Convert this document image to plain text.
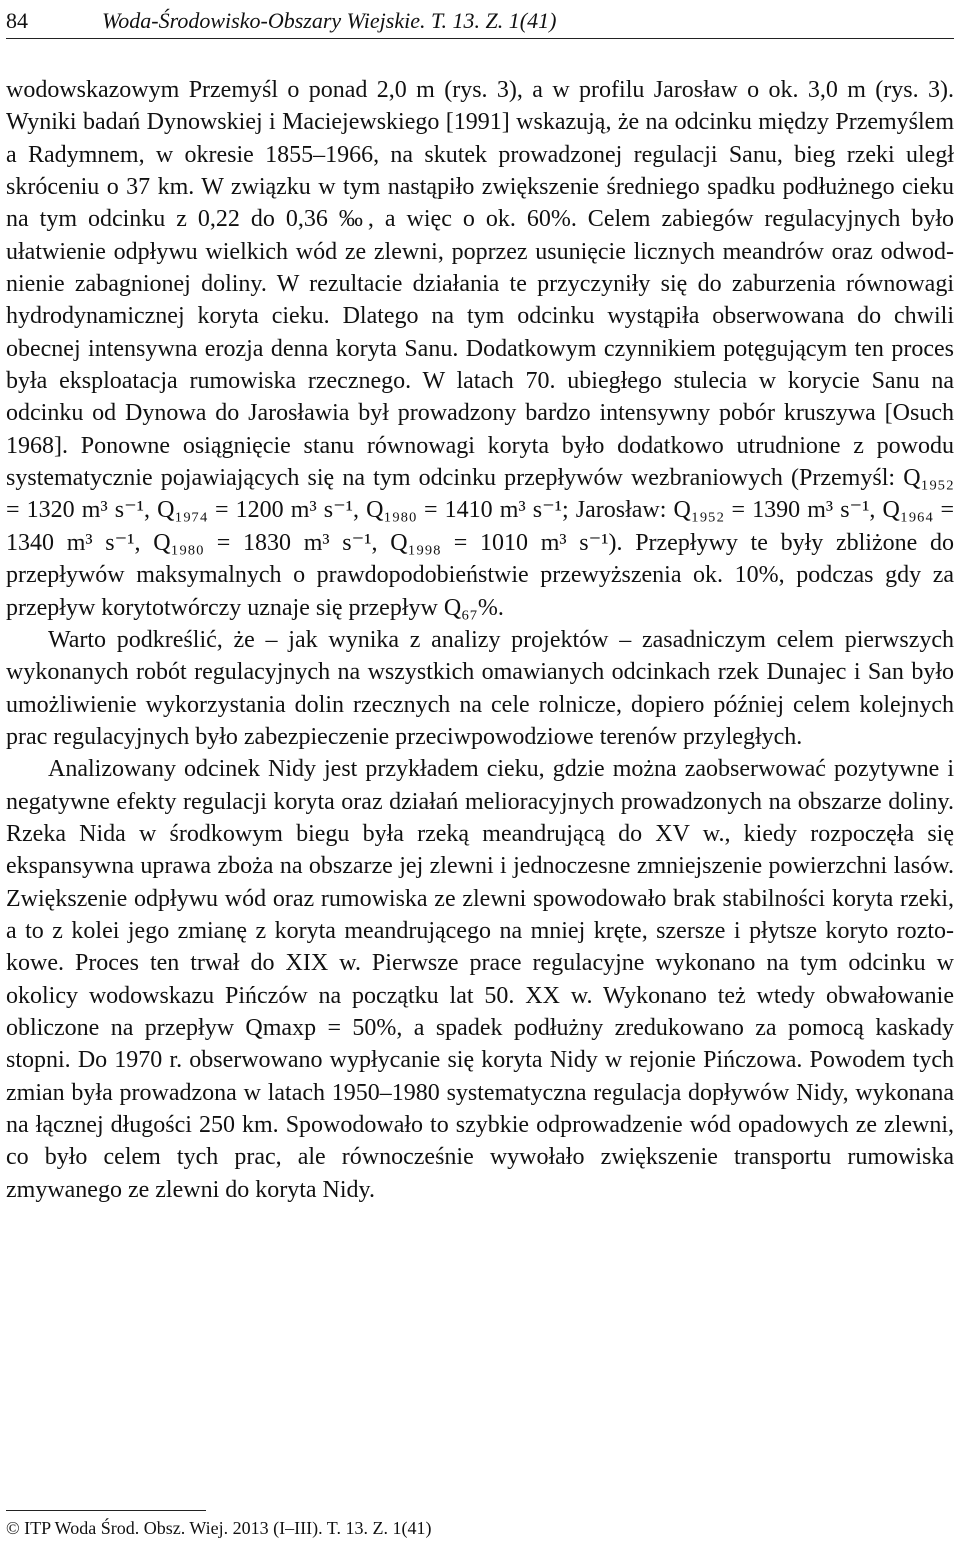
84	Woda-Środowisko-Obszary Wiejskie. T. 13. Z. 1(41)

wodowskazowym Przemyśl o ponad 2,0 m (rys. 3), a w profilu Jarosław o ok. 3,0 m (rys. 3). Wyniki badań Dynowskiej i Maciejewskiego [1991] wskazują, że na odcinku między Przemyślem a Radymnem, w okresie 1855–1966, na skutek prowadzonej regulacji Sanu, bieg rzeki uległ skróceniu o 37 km. W związku w tym nastąpiło zwiększenie średniego spadku podłużnego cieku na tym odcinku z 0,22 do 0,36 ‰, a więc o ok. 60%. Celem zabiegów regulacyjnych było ułatwienie odpływu wielkich wód ze zlewni, poprzez usunięcie licznych meandrów oraz odwodnienie zabagnionej doliny. W rezultacie działania te przyczyniły się do zaburzenia równowagi hydrodynamicznej koryta cieku. Dlatego na tym odcinku wystąpiła obserwowana do chwili obecnej intensywna erozja denna koryta Sanu. Dodatkowym czynnikiem potęgującym ten proces była eksploatacja rumowiska rzecznego. W latach 70. ubiegłego stulecia w korycie Sanu na odcinku od Dynowa do Jarosławia był prowadzony bardzo intensywny pobór kruszywa [Osuch 1968]. Ponowne osiągnięcie stanu równowagi koryta było dodatkowo utrudnione z powodu systematycznie pojawiających się na tym odcinku przepływów wezbraniowych (Przemyśl: Q₁₉₅₂ = 1320 m³ s⁻¹, Q₁₉₇₄ = 1200 m³ s⁻¹, Q₁₉₈₀ = 1410 m³ s⁻¹; Jarosław: Q₁₉₅₂ = 1390 m³ s⁻¹, Q₁₉₆₄ = 1340 m³ s⁻¹, Q₁₉₈₀ = 1830 m³ s⁻¹, Q₁₉₉₈ = 1010 m³ s⁻¹). Przepływy te były zbliżone do przepływów maksymalnych o prawdopodobieństwie przewyższenia ok. 10%, podczas gdy za przepływ korytotwórczy uznaje się przepływ Q₆₇%.

Warto podkreślić, że – jak wynika z analizy projektów – zasadniczym celem pierwszych wykonanych robót regulacyjnych na wszystkich omawianych odcinkach rzek Dunajec i San było umożliwienie wykorzystania dolin rzecznych na cele rolnicze, dopiero później celem kolejnych prac regulacyjnych było zabezpieczenie przeciwpowodziowe terenów przyległych.

Analizowany odcinek Nidy jest przykładem cieku, gdzie można zaobserwować pozytywne i negatywne efekty regulacji koryta oraz działań melioracyjnych prowadzonych na obszarze doliny. Rzeka Nida w środkowym biegu była rzeką meandrującą do XV w., kiedy rozpoczęła się ekspansywna uprawa zboża na obszarze jej zlewni i jednoczesne zmniejszenie powierzchni lasów. Zwiększenie odpływu wód oraz rumowiska ze zlewni spowodowało brak stabilności koryta rzeki, a to z kolei jego zmianę z koryta meandrującego na mniej kręte, szersze i płytsze koryto roztokowe. Proces ten trwał do XIX w. Pierwsze prace regulacyjne wykonano na tym odcinku w okolicy wodowskazu Pińczów na początku lat 50. XX w. Wykonano też wtedy obwałowanie obliczone na przepływ Qmaxp = 50%, a spadek podłużny zredukowano za pomocą kaskady stopni. Do 1970 r. obserwowano wypłycanie się koryta Nidy w rejonie Pińczowa. Powodem tych zmian była prowadzona w latach 1950–1980 systematyczna regulacja dopływów Nidy, wykonana na łącznej długości 250 km. Spowodowało to szybkie odprowadzenie wód opadowych ze zlewni, co było celem tych prac, ale równocześnie wywołało zwiększenie transportu rumowiska zmywanego ze zlewni do koryta Nidy.

© ITP Woda Środ. Obsz. Wiej. 2013 (I–III). T. 13. Z. 1(41)
